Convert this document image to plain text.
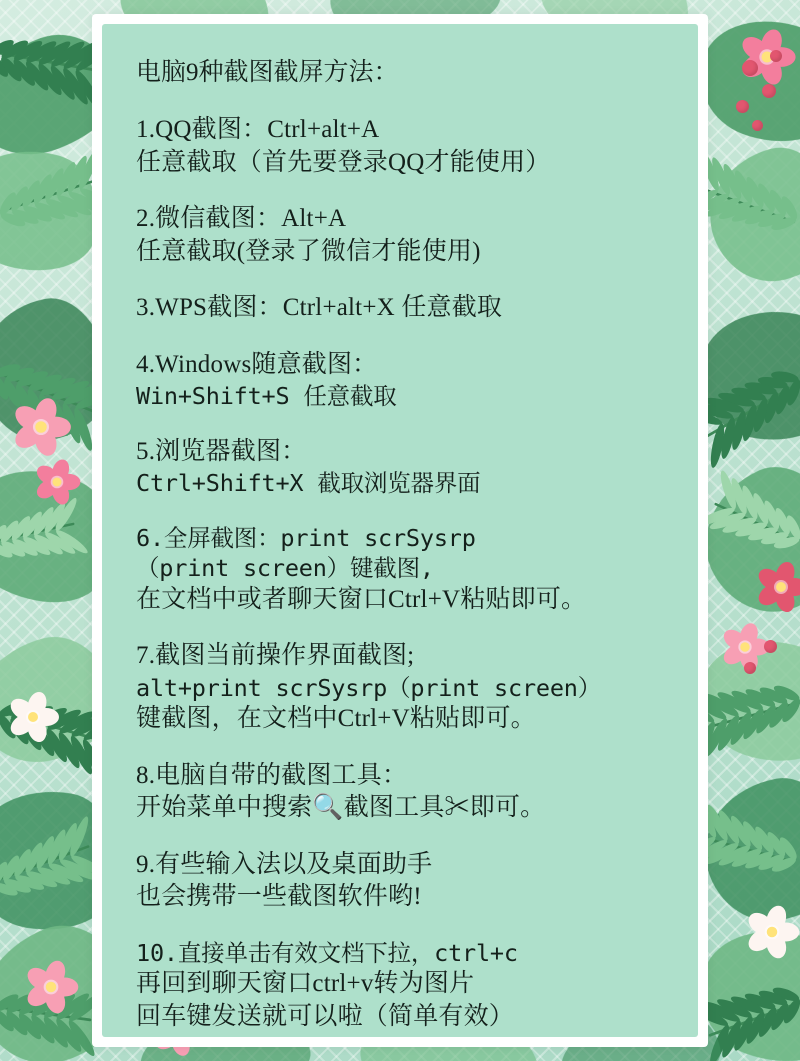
电脑9种截图截屏方法：
1.QQ截图：Ctrl+alt+A
任意截取（首先要登录QQ才能使用）
2.微信截图：Alt+A
任意截取(登录了微信才能使用)
3.WPS截图：Ctrl+alt+X 任意截取
4.Windows随意截图：
Win+Shift+S 任意截取
5.浏览器截图：
Ctrl+Shift+X 截取浏览器界面
6.全屏截图：print scrSysrp
（print screen）键截图,
在文档中或者聊天窗口Ctrl+V粘贴即可。
7.截图当前操作界面截图;
alt+print scrSysrp（print screen）
键截图，在文档中Ctrl+V粘贴即可。
8.电脑自带的截图工具：
开始菜单中搜索🔍截图工具✂即可。
9.有些输入法以及桌面助手
也会携带一些截图软件哟!
10.直接单击有效文档下拉，ctrl+c
再回到聊天窗口ctrl+v转为图片
回车键发送就可以啦（简单有效）
